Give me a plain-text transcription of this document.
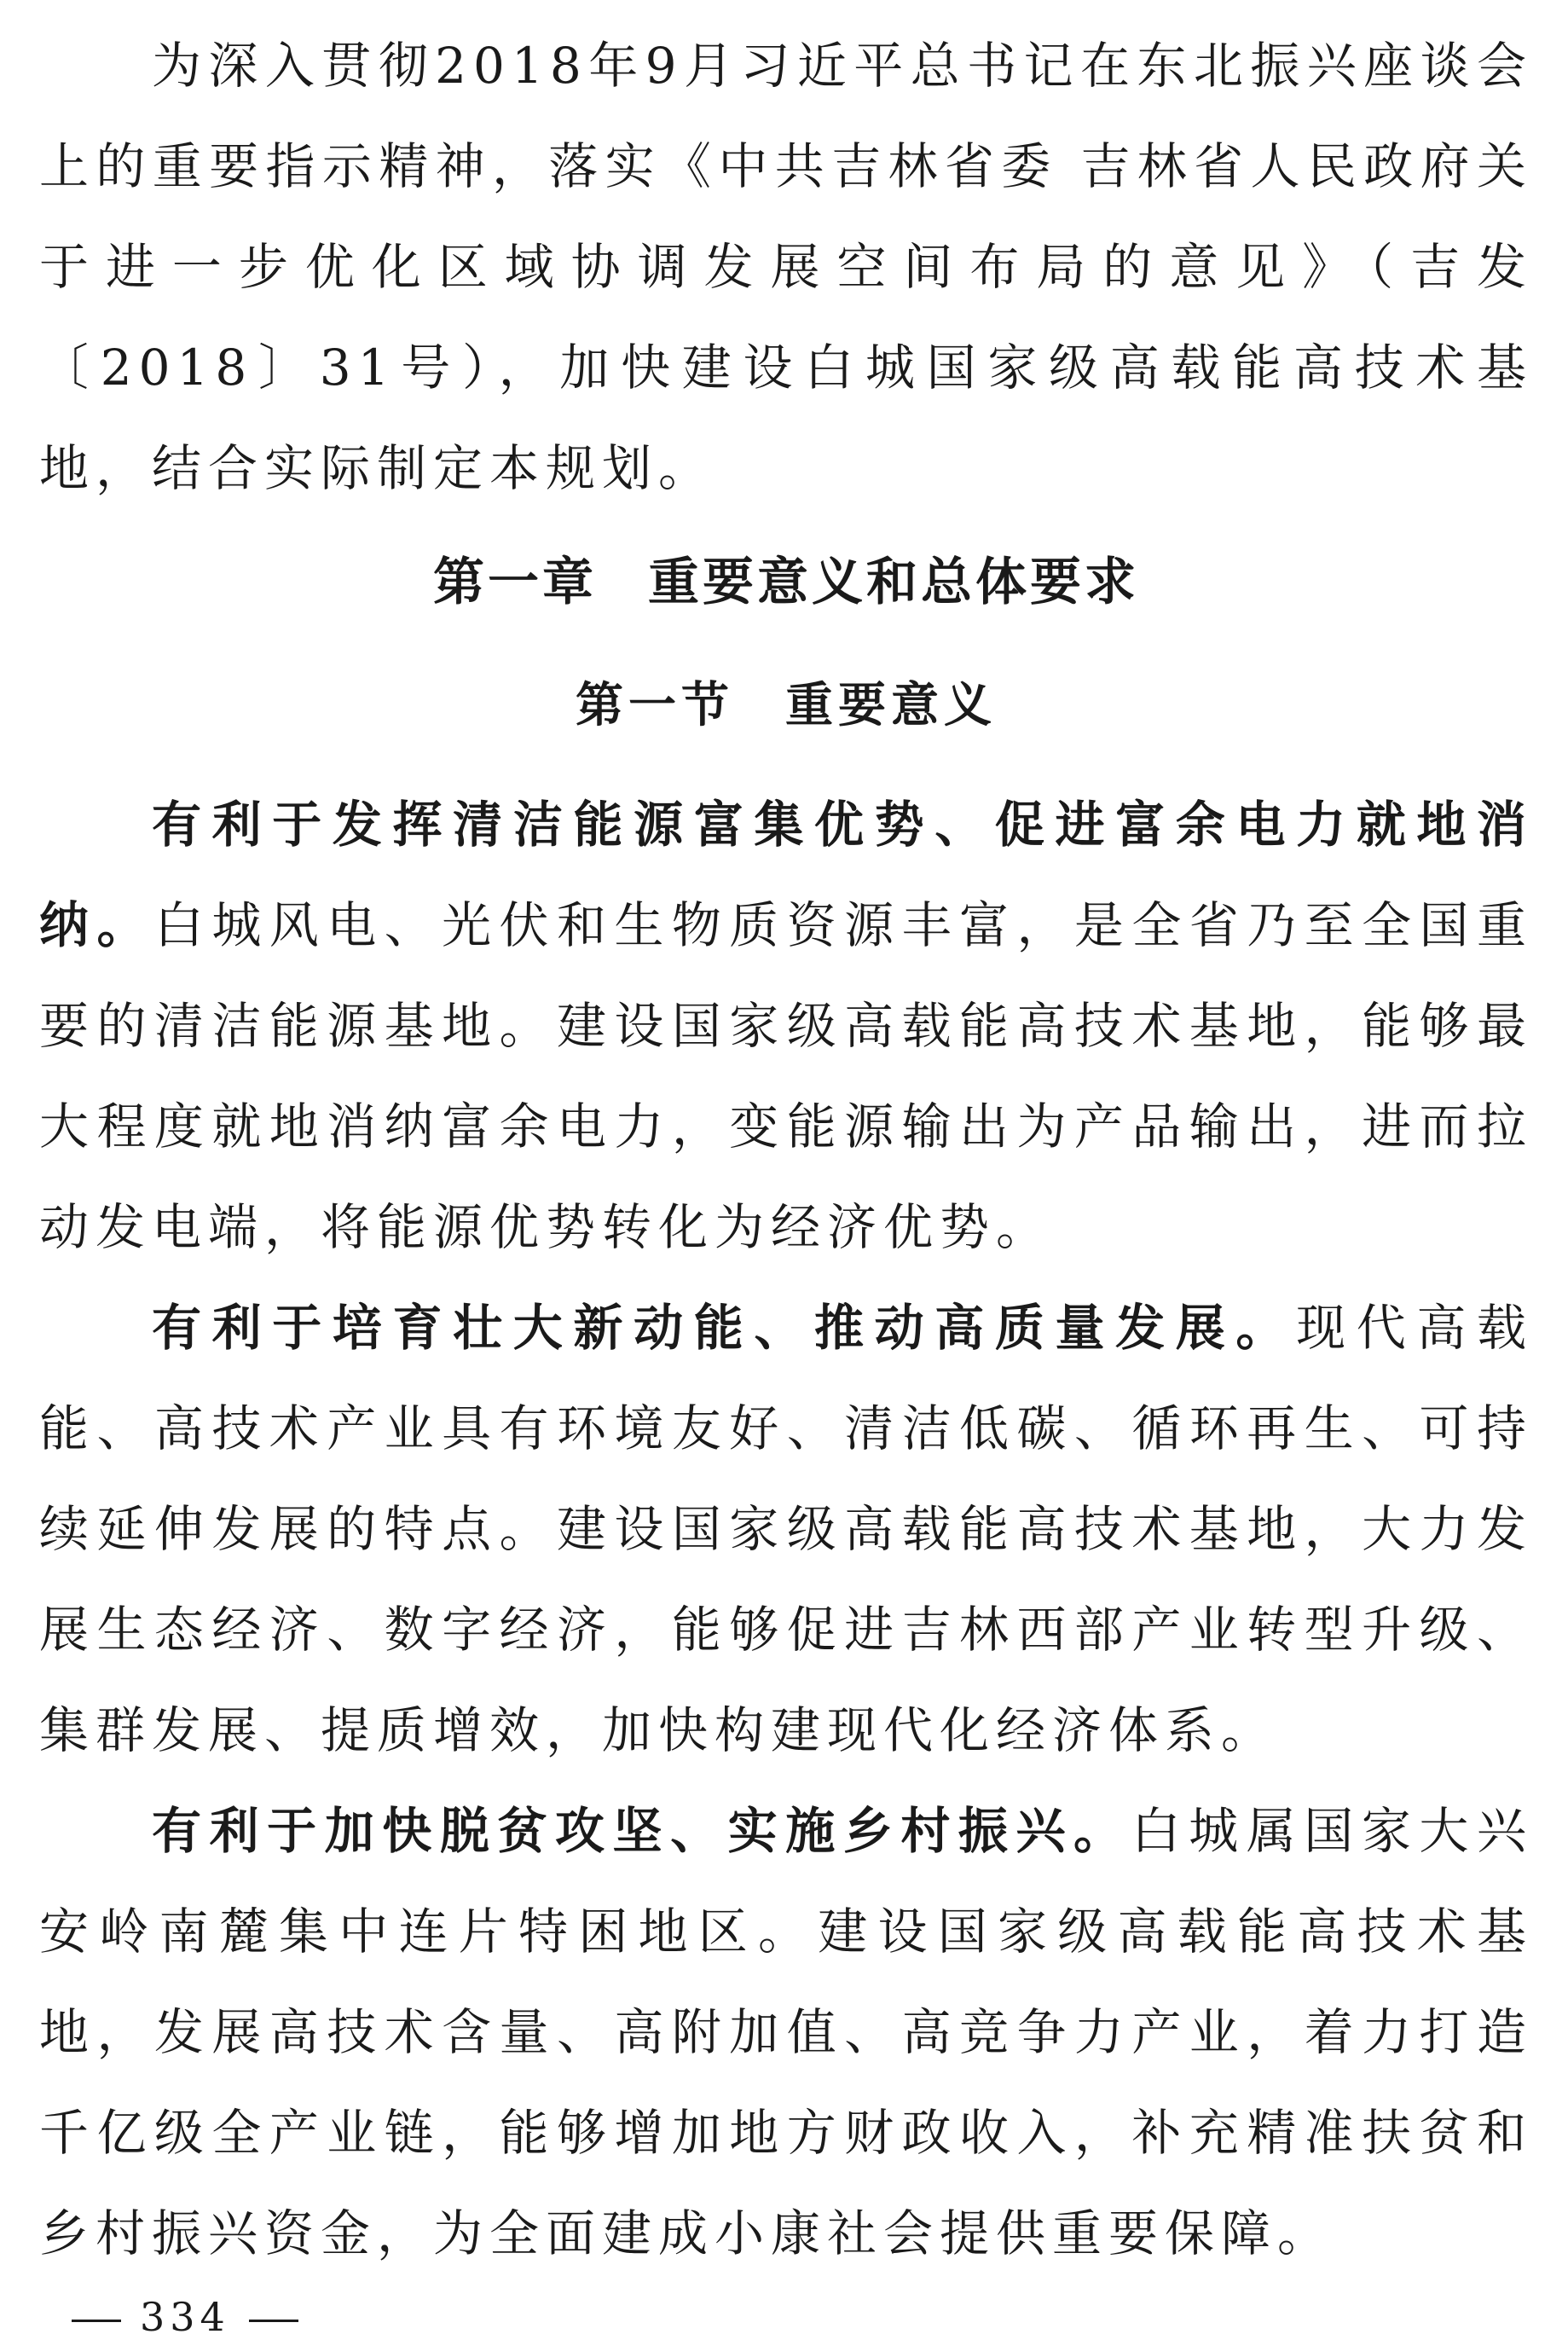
为深入贯彻2018年9月习近平总书记在东北振兴座谈会上的重要指示精神，落实《中共吉林省委 吉林省人民政府关于进一步优化区域协调发展空间布局的意见》（吉发〔2018〕31号），加快建设白城国家级高载能高技术基地，结合实际制定本规划。

第一章 重要意义和总体要求
第一节 重要意义

有利于发挥清洁能源富集优势、促进富余电力就地消纳。白城风电、光伏和生物质资源丰富，是全省乃至全国重要的清洁能源基地。建设国家级高载能高技术基地，能够最大程度就地消纳富余电力，变能源输出为产品输出，进而拉动发电端，将能源优势转化为经济优势。

有利于培育壮大新动能、推动高质量发展。现代高载能、高技术产业具有环境友好、清洁低碳、循环再生、可持续延伸发展的特点。建设国家级高载能高技术基地，大力发展生态经济、数字经济，能够促进吉林西部产业转型升级、集群发展、提质增效，加快构建现代化经济体系。

有利于加快脱贫攻坚、实施乡村振兴。白城属国家大兴安岭南麓集中连片特困地区。建设国家级高载能高技术基地，发展高技术含量、高附加值、高竞争力产业，着力打造千亿级全产业链，能够增加地方财政收入，补充精准扶贫和乡村振兴资金，为全面建成小康社会提供重要保障。

334
